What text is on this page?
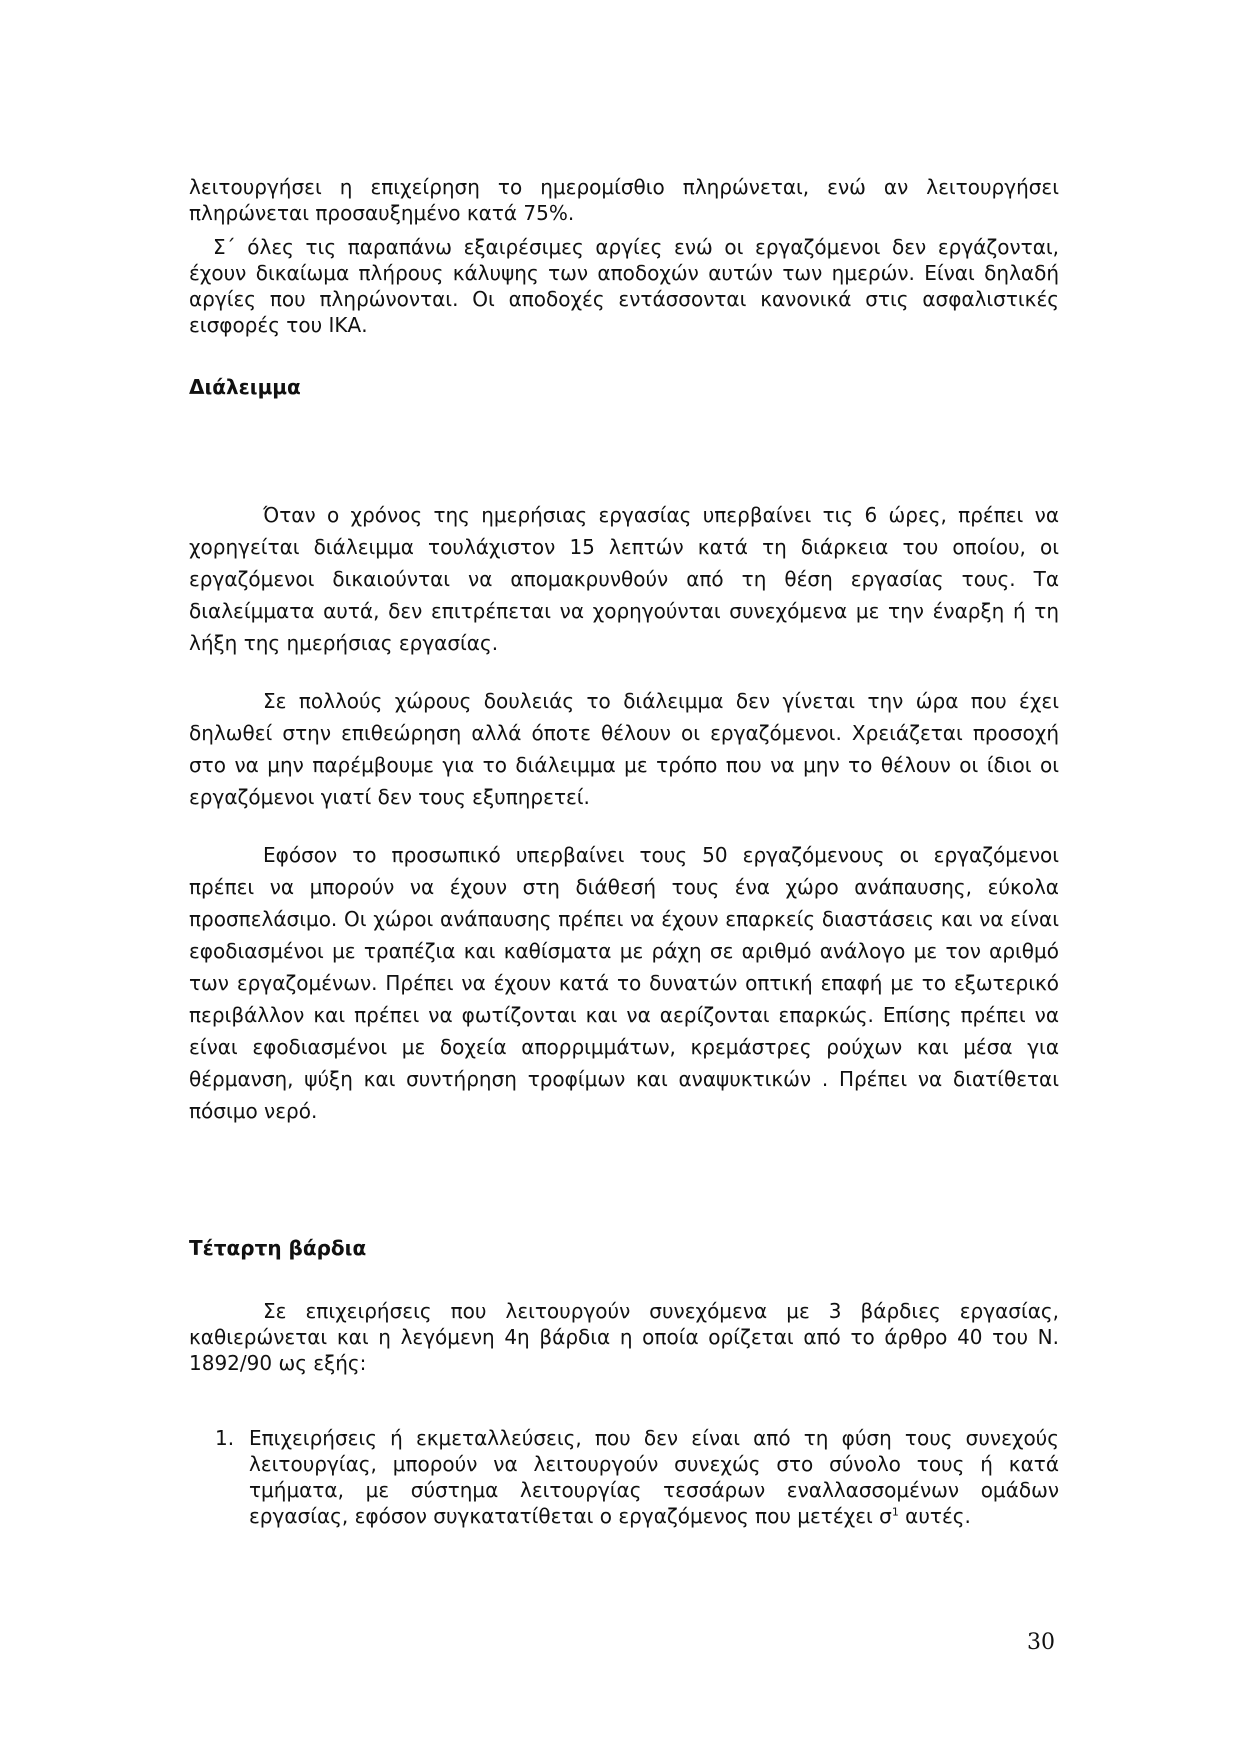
λειτουργήσει η επιχείρηση το ημερομίσθιο πληρώνεται, ενώ αν λειτουργήσει πληρώνεται προσαυξημένο κατά 75%.

Σ΄ όλες τις παραπάνω εξαιρέσιμες αργίες ενώ οι εργαζόμενοι δεν εργάζονται, έχουν δικαίωμα πλήρους κάλυψης των αποδοχών αυτών των ημερών. Είναι δηλαδή αργίες που πληρώνονται. Οι αποδοχές εντάσσονται κανονικά στις ασφαλιστικές εισφορές του ΙΚΑ.

Διάλειμμα

Όταν ο χρόνος της ημερήσιας εργασίας υπερβαίνει τις 6 ώρες, πρέπει να χορηγείται διάλειμμα τουλάχιστον 15 λεπτών κατά τη διάρκεια του οποίου, οι εργαζόμενοι δικαιούνται να απομακρυνθούν από τη θέση εργασίας τους. Τα διαλείμματα αυτά, δεν επιτρέπεται να χορηγούνται συνεχόμενα με την έναρξη ή τη λήξη της ημερήσιας εργασίας.

Σε πολλούς χώρους δουλειάς το διάλειμμα δεν γίνεται την ώρα που έχει δηλωθεί στην επιθεώρηση αλλά όποτε θέλουν οι εργαζόμενοι. Χρειάζεται προσοχή στο να μην παρέμβουμε για το διάλειμμα με τρόπο που να μην το θέλουν οι ίδιοι οι εργαζόμενοι γιατί δεν τους εξυπηρετεί.

Εφόσον το προσωπικό υπερβαίνει τους 50 εργαζόμενους οι εργαζόμενοι πρέπει να μπορούν να έχουν στη διάθεσή τους ένα χώρο ανάπαυσης, εύκολα προσπελάσιμο. Οι χώροι ανάπαυσης πρέπει να έχουν επαρκείς διαστάσεις και να είναι εφοδιασμένοι με τραπέζια και καθίσματα με ράχη σε αριθμό ανάλογο με τον αριθμό των εργαζομένων. Πρέπει να έχουν κατά το δυνατών οπτική επαφή με το εξωτερικό περιβάλλον και πρέπει να φωτίζονται και να αερίζονται επαρκώς. Επίσης πρέπει να είναι εφοδιασμένοι με δοχεία απορριμμάτων, κρεμάστρες ρούχων και μέσα για θέρμανση, ψύξη και συντήρηση τροφίμων και αναψυκτικών . Πρέπει να διατίθεται πόσιμο νερό.

Τέταρτη βάρδια

Σε επιχειρήσεις που λειτουργούν συνεχόμενα με 3 βάρδιες εργασίας, καθιερώνεται και η λεγόμενη 4η βάρδια η οποία ορίζεται από το άρθρο 40 του Ν. 1892/90 ως εξής:

1. Επιχειρήσεις ή εκμεταλλεύσεις, που δεν είναι από τη φύση τους συνεχούς λειτουργίας, μπορούν να λειτουργούν συνεχώς στο σύνολο τους ή κατά τμήματα, με σύστημα λειτουργίας τεσσάρων εναλλασσομένων ομάδων εργασίας, εφόσον συγκατατίθεται ο εργαζόμενος που μετέχει $\sigma^1$ αυτές.
30
